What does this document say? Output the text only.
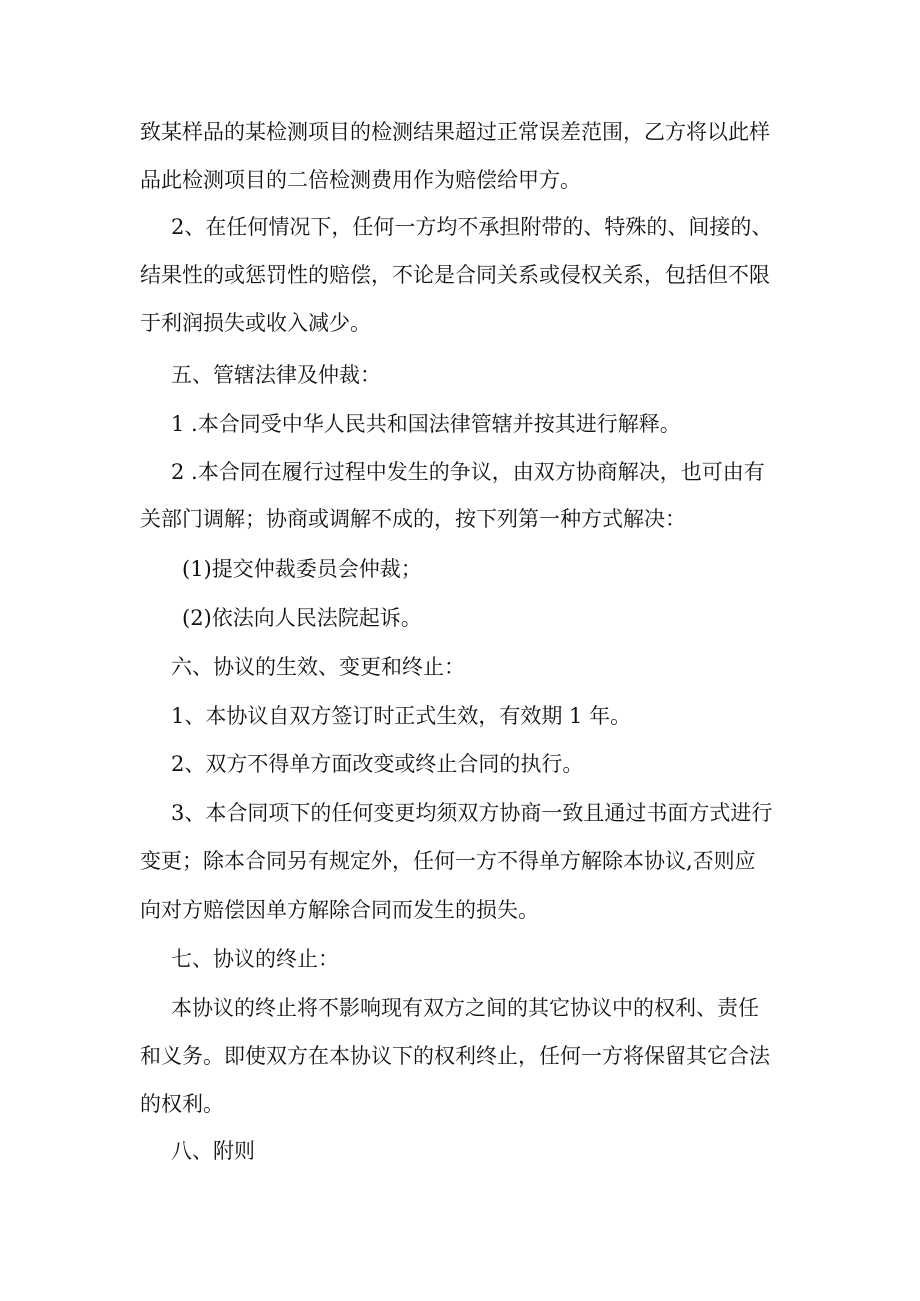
致某样品的某检测项目的检测结果超过正常误差范围，乙方将以此样
品此检测项目的二倍检测费用作为赔偿给甲方。
2、在任何情况下，任何一方均不承担附带的、特殊的、间接的、
结果性的或惩罚性的赔偿，不论是合同关系或侵权关系，包括但不限
于利润损失或收入减少。
五、管辖法律及仲裁：
1 .本合同受中华人民共和国法律管辖并按其进行解释。
2 .本合同在履行过程中发生的争议，由双方协商解决，也可由有
关部门调解；协商或调解不成的，按下列第一种方式解决：
(1)提交仲裁委员会仲裁；
(2)依法向人民法院起诉。
六、协议的生效、变更和终止：
1、本协议自双方签订时正式生效，有效期 1 年。
2、双方不得单方面改变或终止合同的执行。
3、本合同项下的任何变更均须双方协商一致且通过书面方式进行
变更；除本合同另有规定外，任何一方不得单方解除本协议,否则应
向对方赔偿因单方解除合同而发生的损失。
七、协议的终止：
本协议的终止将不影响现有双方之间的其它协议中的权利、责任
和义务。即使双方在本协议下的权利终止，任何一方将保留其它合法
的权利。
八、附则
